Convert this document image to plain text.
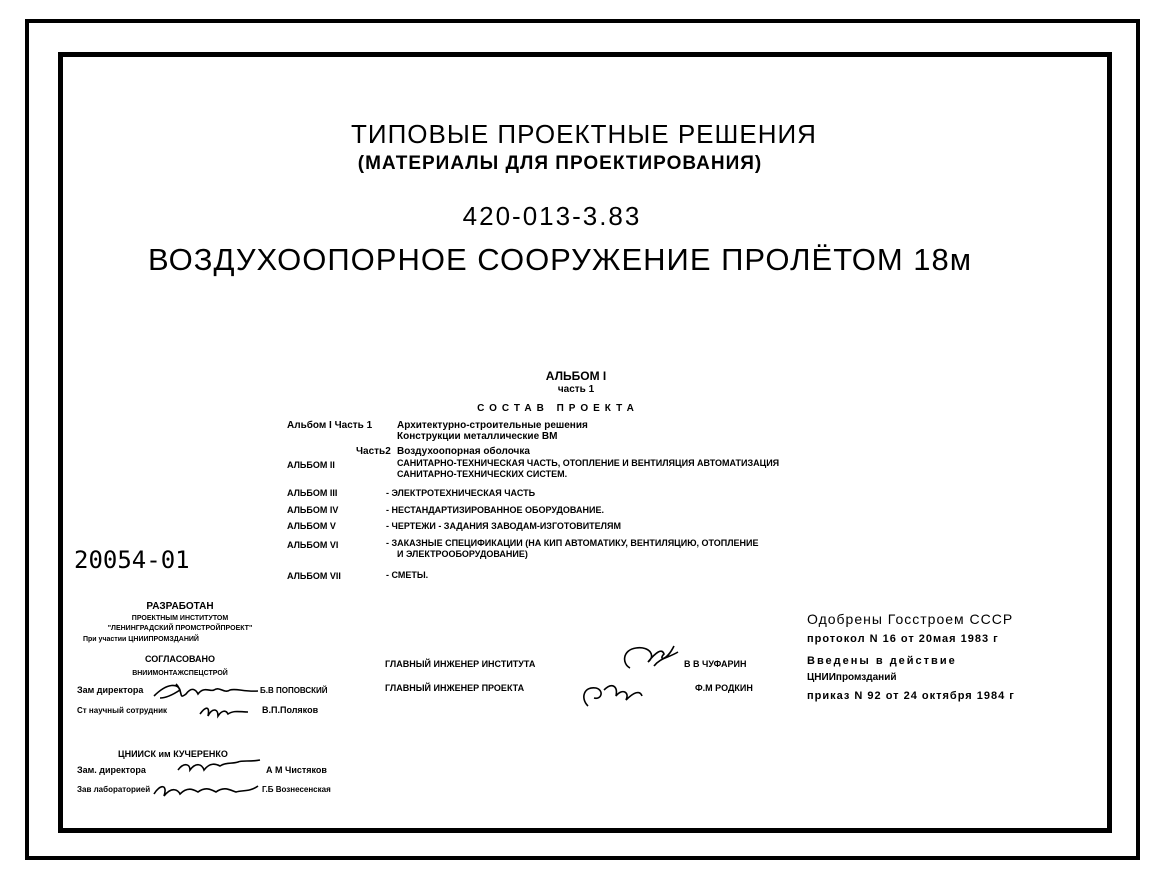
ТИПОВЫЕ ПРОЕКТНЫЕ РЕШЕНИЯ
(МАТЕРИАЛЫ ДЛЯ ПРОЕКТИРОВАНИЯ)
420-013-3.83
ВОЗДУХООПОРНОЕ СООРУЖЕНИЕ ПРОЛЁТОМ 18м
АЛЬБОМ I
часть 1
СОСТАВ ПРОЕКТА
Альбом I Часть 1 Архитектурно-строительные решения
Конструкции металлические ВМ
Часть2 Воздухоопорная оболочка
АЛЬБОМ II	САНИТАРНО-ТЕХНИЧЕСКАЯ ЧАСТЬ, ОТОПЛЕНИЕ И ВЕНТИЛЯЦИЯ АВТОМАТИЗАЦИЯ
САНИТАРНО-ТЕХНИЧЕСКИХ СИСТЕМ.
АЛЬБОМ III	- ЭЛЕКТРОТЕХНИЧЕСКАЯ ЧАСТЬ
АЛЬБОМ IV	- НЕСТАНДАРТИЗИРОВАННОЕ ОБОРУДОВАНИЕ.
АЛЬБОМ V	- ЧЕРТЕЖИ - ЗАДАНИЯ ЗАВОДАМ-ИЗГОТОВИТЕЛЯМ
АЛЬБОМ VI	- ЗАКАЗНЫЕ СПЕЦИФИКАЦИИ (НА КИП АВТОМАТИКУ, ВЕНТИЛЯЦИЮ, ОТОПЛЕНИЕ
И ЭЛЕКТРООБОРУДОВАНИЕ)
АЛЬБОМ VII	- СМЕТЫ.
20054-01
РАЗРАБОТАН
ПРОЕКТНЫМ ИНСТИТУТОМ
"ЛЕНИНГРАДСКИЙ ПРОМСТРОЙПРОЕКТ"
При участии ЦНИИПРОМЗДАНИЙ
СОГЛАСОВАНО
ВНИИМОНТАЖСПЕЦСТРОЙ
Зам директора	Б.В ПОПОВСКИЙ
Ст научный сотрудник	В.П.Поляков
ЦНИИСК им КУЧЕРЕНКО
Зам. директора	А М Чистяков
Зав лабораторией	Г.Б Вознесенская
ГЛАВНЫЙ ИНЖЕНЕР ИНСТИТУТА	В В ЧУФАРИН
ГЛАВНЫЙ ИНЖЕНЕР ПРОЕКТА	Ф.М РОДКИН
Одобрены Госстроем СССР
протокол N 16 от 20мая 1983 г
Введены в действие
ЦНИИпромзданий
приказ N 92 от 24 октября 1984 г
